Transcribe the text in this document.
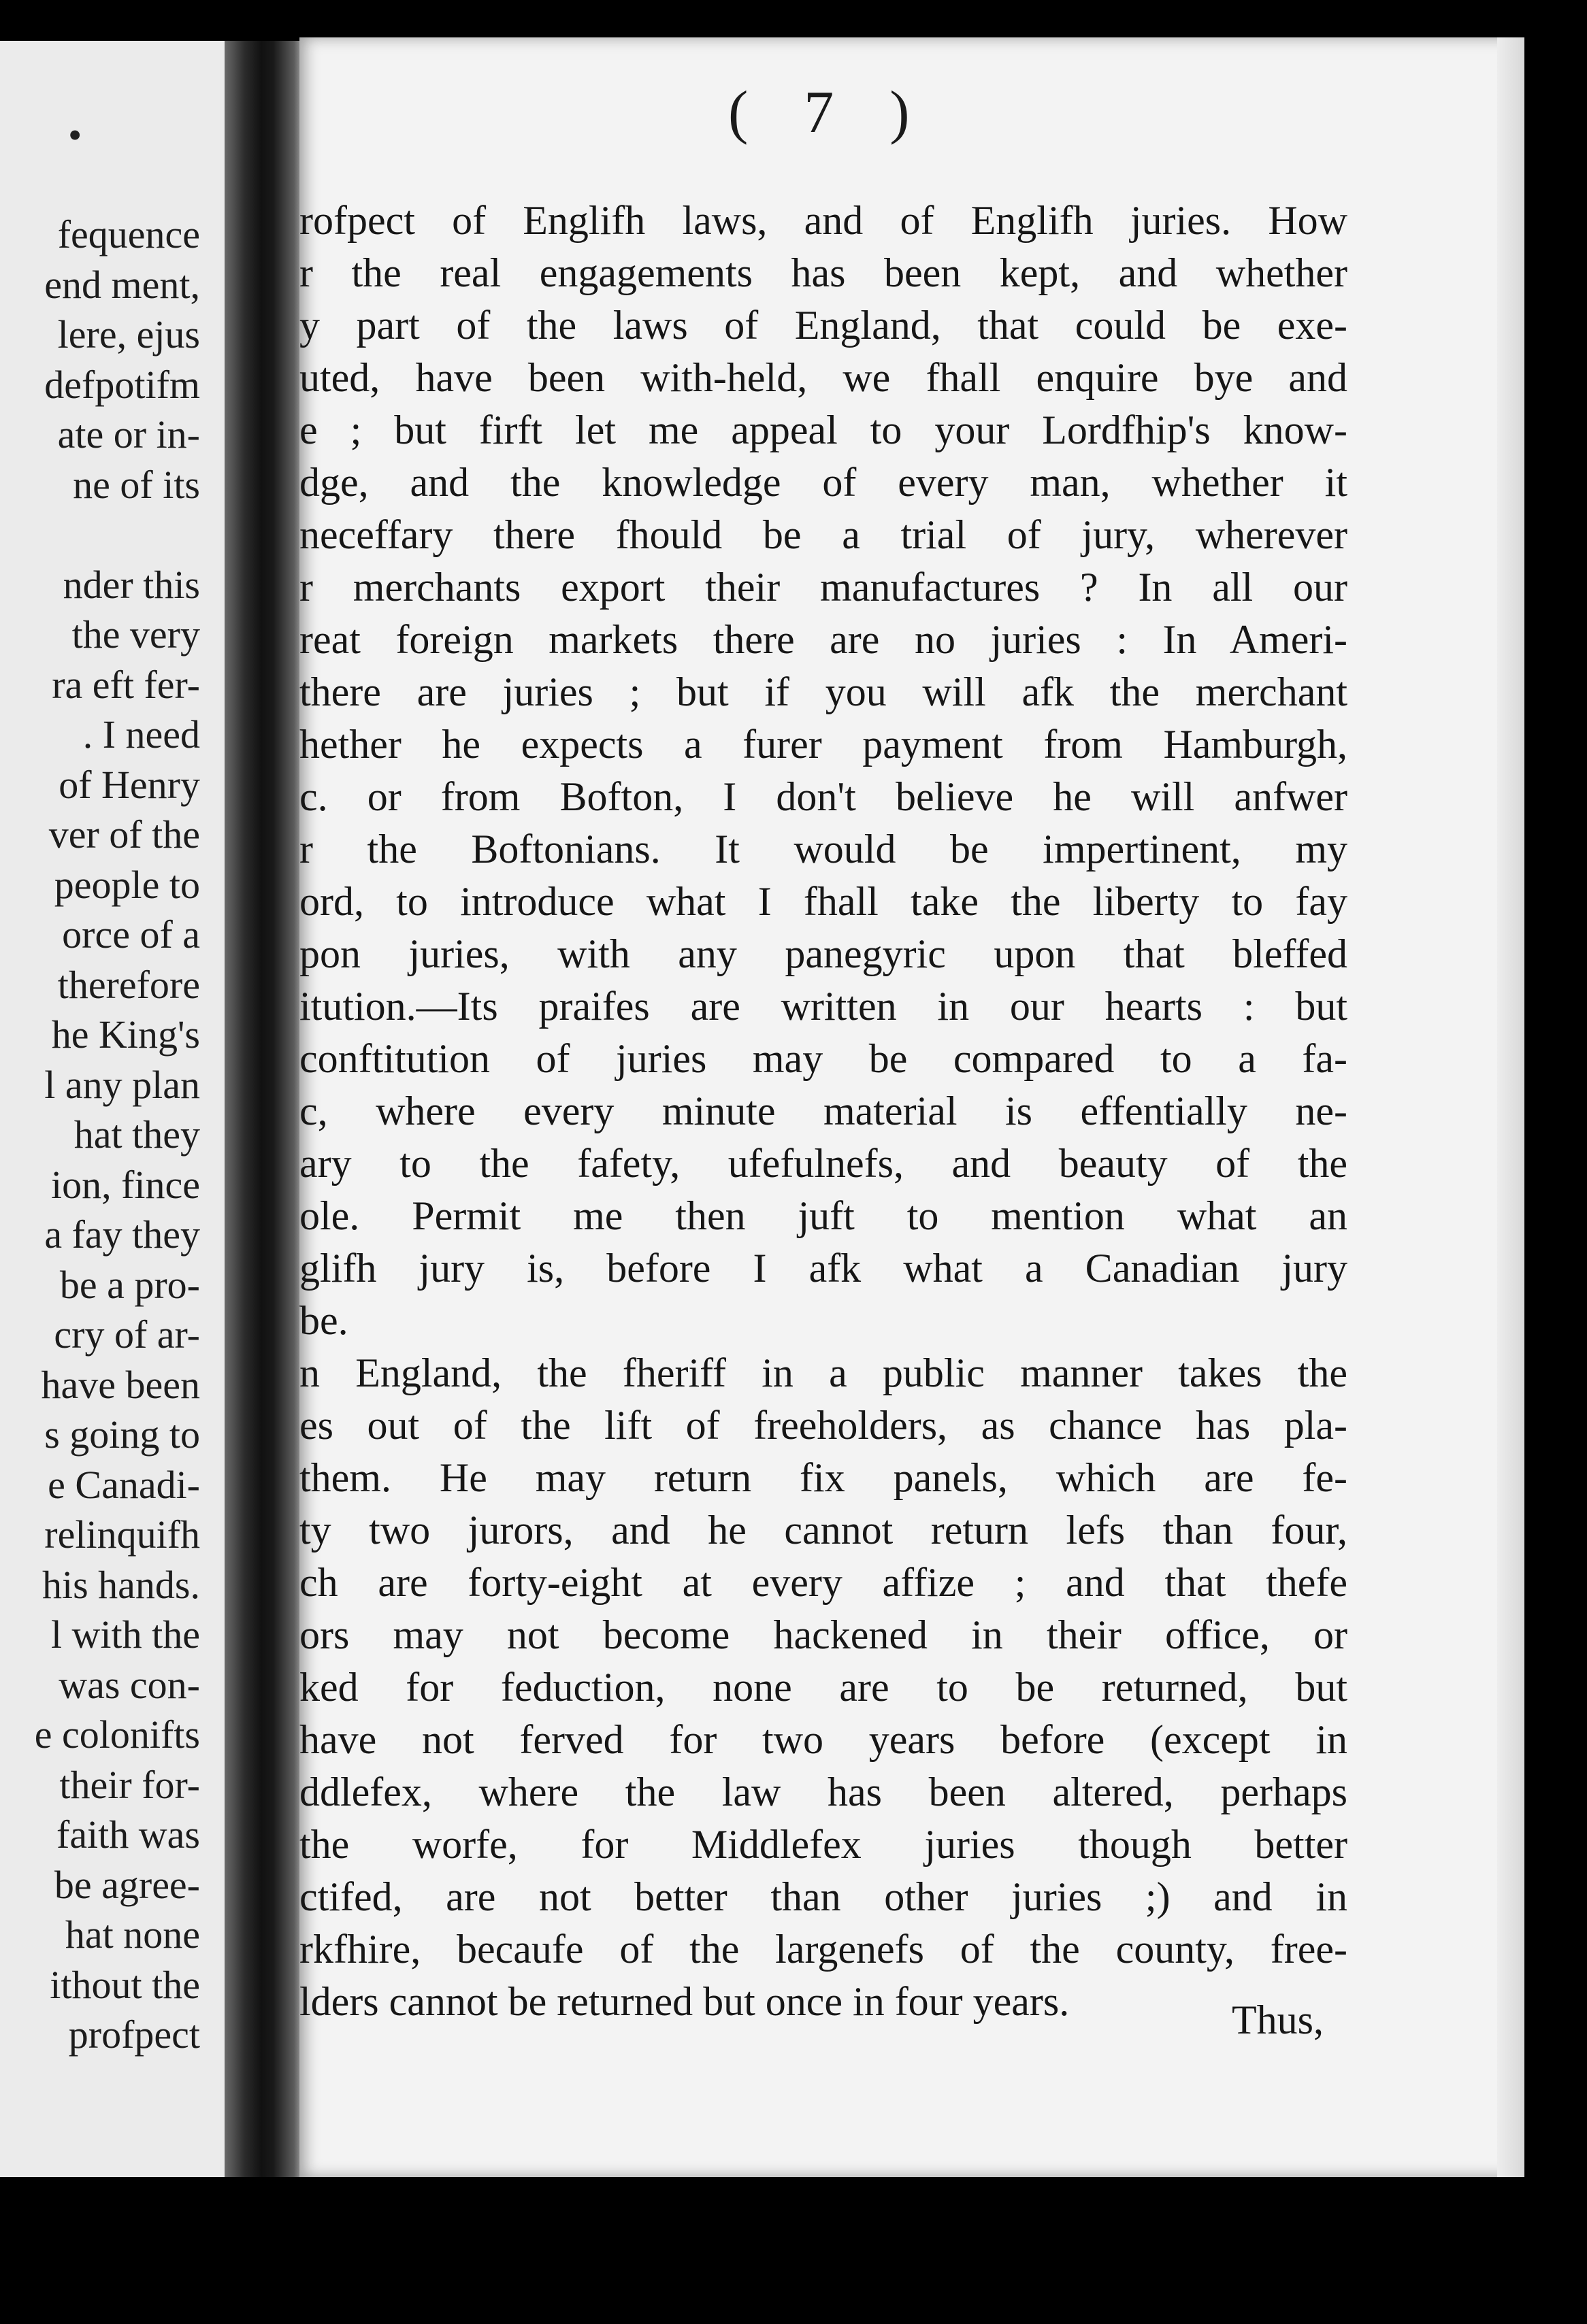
•
fequence
end ment,
lere, ejus
defpotifm
ate or in-
ne of its
nder this
the very
ra eft fer-
. I need
of Henry
ver of the
people to
orce of a
therefore
he King's
l any plan
hat they
ion, fince
a fay they
be a pro-
cry of ar-
have been
s going to
e Canadi-
relinquifh
his hands.
l with the
was con-
e colonifts
their for-
faith was
be agree-
hat none
ithout the
profpect
( 7 )
rofpect of Englifh laws, and of Englifh juries. How
r the real engagements has been kept, and whether
y part of the laws of England, that could be exe-
uted, have been with-held, we fhall enquire bye and
e ; but firft let me appeal to your Lordfhip's know-
dge, and the knowledge of every man, whether it
neceffary there fhould be a trial of jury, wherever
r merchants export their manufactures ? In all our
reat foreign markets there are no juries : In Ameri-
there are juries ; but if you will afk the merchant
hether he expects a furer payment from Hamburgh,
c. or from Bofton, I don't believe he will anfwer
r the Boftonians. It would be impertinent, my
ord, to introduce what I fhall take the liberty to fay
pon juries, with any panegyric upon that bleffed
itution.—Its praifes are written in our hearts : but
conftitution of juries may be compared to a fa-
c, where every minute material is effentially ne-
ary to the fafety, ufefulnefs, and beauty of the
ole. Permit me then juft to mention what an
glifh jury is, before I afk what a Canadian jury
be.
n England, the fheriff in a public manner takes the
es out of the lift of freeholders, as chance has pla-
them. He may return fix panels, which are fe-
ty two jurors, and he cannot return lefs than four,
ch are forty-eight at every affize ; and that thefe
ors may not become hackened in their office, or
ked for feduction, none are to be returned, but
have not ferved for two years before (except in
ddlefex, where the law has been altered, perhaps
the worfe, for Middlefex juries though better
ctifed, are not better than other juries ;) and in
rkfhire, becaufe of the largenefs of the county, free-
lders cannot be returned but once in four years.	Thus,
